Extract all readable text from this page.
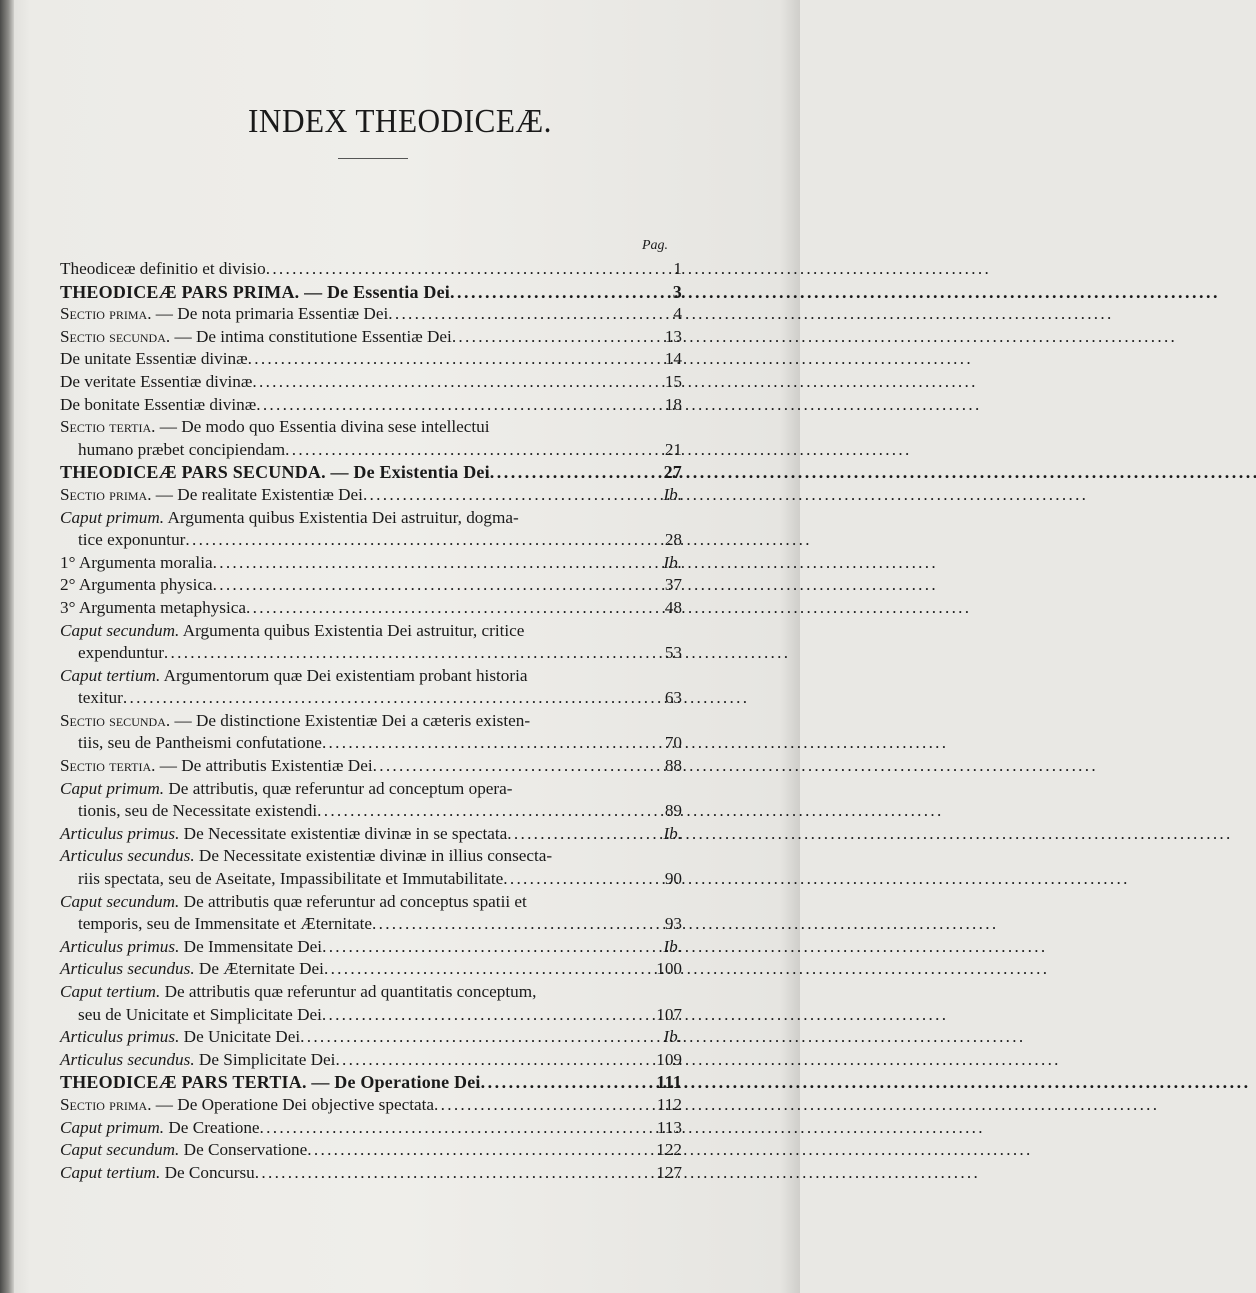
INDEX THEODICEÆ.
Pag.
Theodiceæ definitio et divisio . . .	1
THEODICEÆ PARS PRIMA. — De Essentia Dei . . .	3
Sectio prima. — De nota primaria Essentiæ Dei . . .	4
Sectio secunda. — De intima constitutione Essentiæ Dei . . .	13
De unitate Essentiæ divinæ . . .	14
De veritate Essentiæ divinæ . . .	15
De bonitate Essentiæ divinæ . . .	18
Sectio tertia. — De modo quo Essentia divina sese intellectui
humano præbet concipiendam . . .	21
THEODICEÆ PARS SECUNDA. — De Existentia Dei . . .	27
Sectio prima. — De realitate Existentiæ Dei . . .	Ib.
Caput primum. Argumenta quibus Existentia Dei astruitur, dogma-
tice exponuntur . . .	28
1° Argumenta moralia . . .	Ib.
2° Argumenta physica . . .	37
3° Argumenta metaphysica . . .	48
Caput secundum. Argumenta quibus Existentia Dei astruitur, critice
expenduntur . . .	53
Caput tertium. Argumentorum quæ Dei existentiam probant historia
texitur . . .	63
Sectio secunda. — De distinctione Existentiæ Dei a cæteris existen-
tiis, seu de Pantheismi confutatione . . .	70
Sectio tertia. — De attributis Existentiæ Dei . . .	88
Caput primum. De attributis, quæ referuntur ad conceptum opera-
tionis, seu de Necessitate existendi . . .	89
Articulus primus. De Necessitate existentiæ divinæ in se spectata . . .	Ib.
Articulus secundus. De Necessitate existentiæ divinæ in illius consecta-
riis spectata, seu de Aseitate, Impassibilitate et Immutabilitate . . .	90
Caput secundum. De attributis quæ referuntur ad conceptus spatii et
temporis, seu de Immensitate et Æternitate . . .	93
Articulus primus. De Immensitate Dei . . .	Ib.
Articulus secundus. De Æternitate Dei . . .	100
Caput tertium. De attributis quæ referuntur ad quantitatis conceptum,
seu de Unicitate et Simplicitate Dei . . .	107
Articulus primus. De Unicitate Dei . . .	Ib.
Articulus secundus. De Simplicitate Dei . . .	109
THEODICEÆ PARS TERTIA. — De Operatione Dei . . .	111
Sectio prima. — De Operatione Dei objective spectata . . .	112
Caput primum. De Creatione . . .	113
Caput secundum. De Conservatione . . .	122
Caput tertium. De Concursu . . .	127
